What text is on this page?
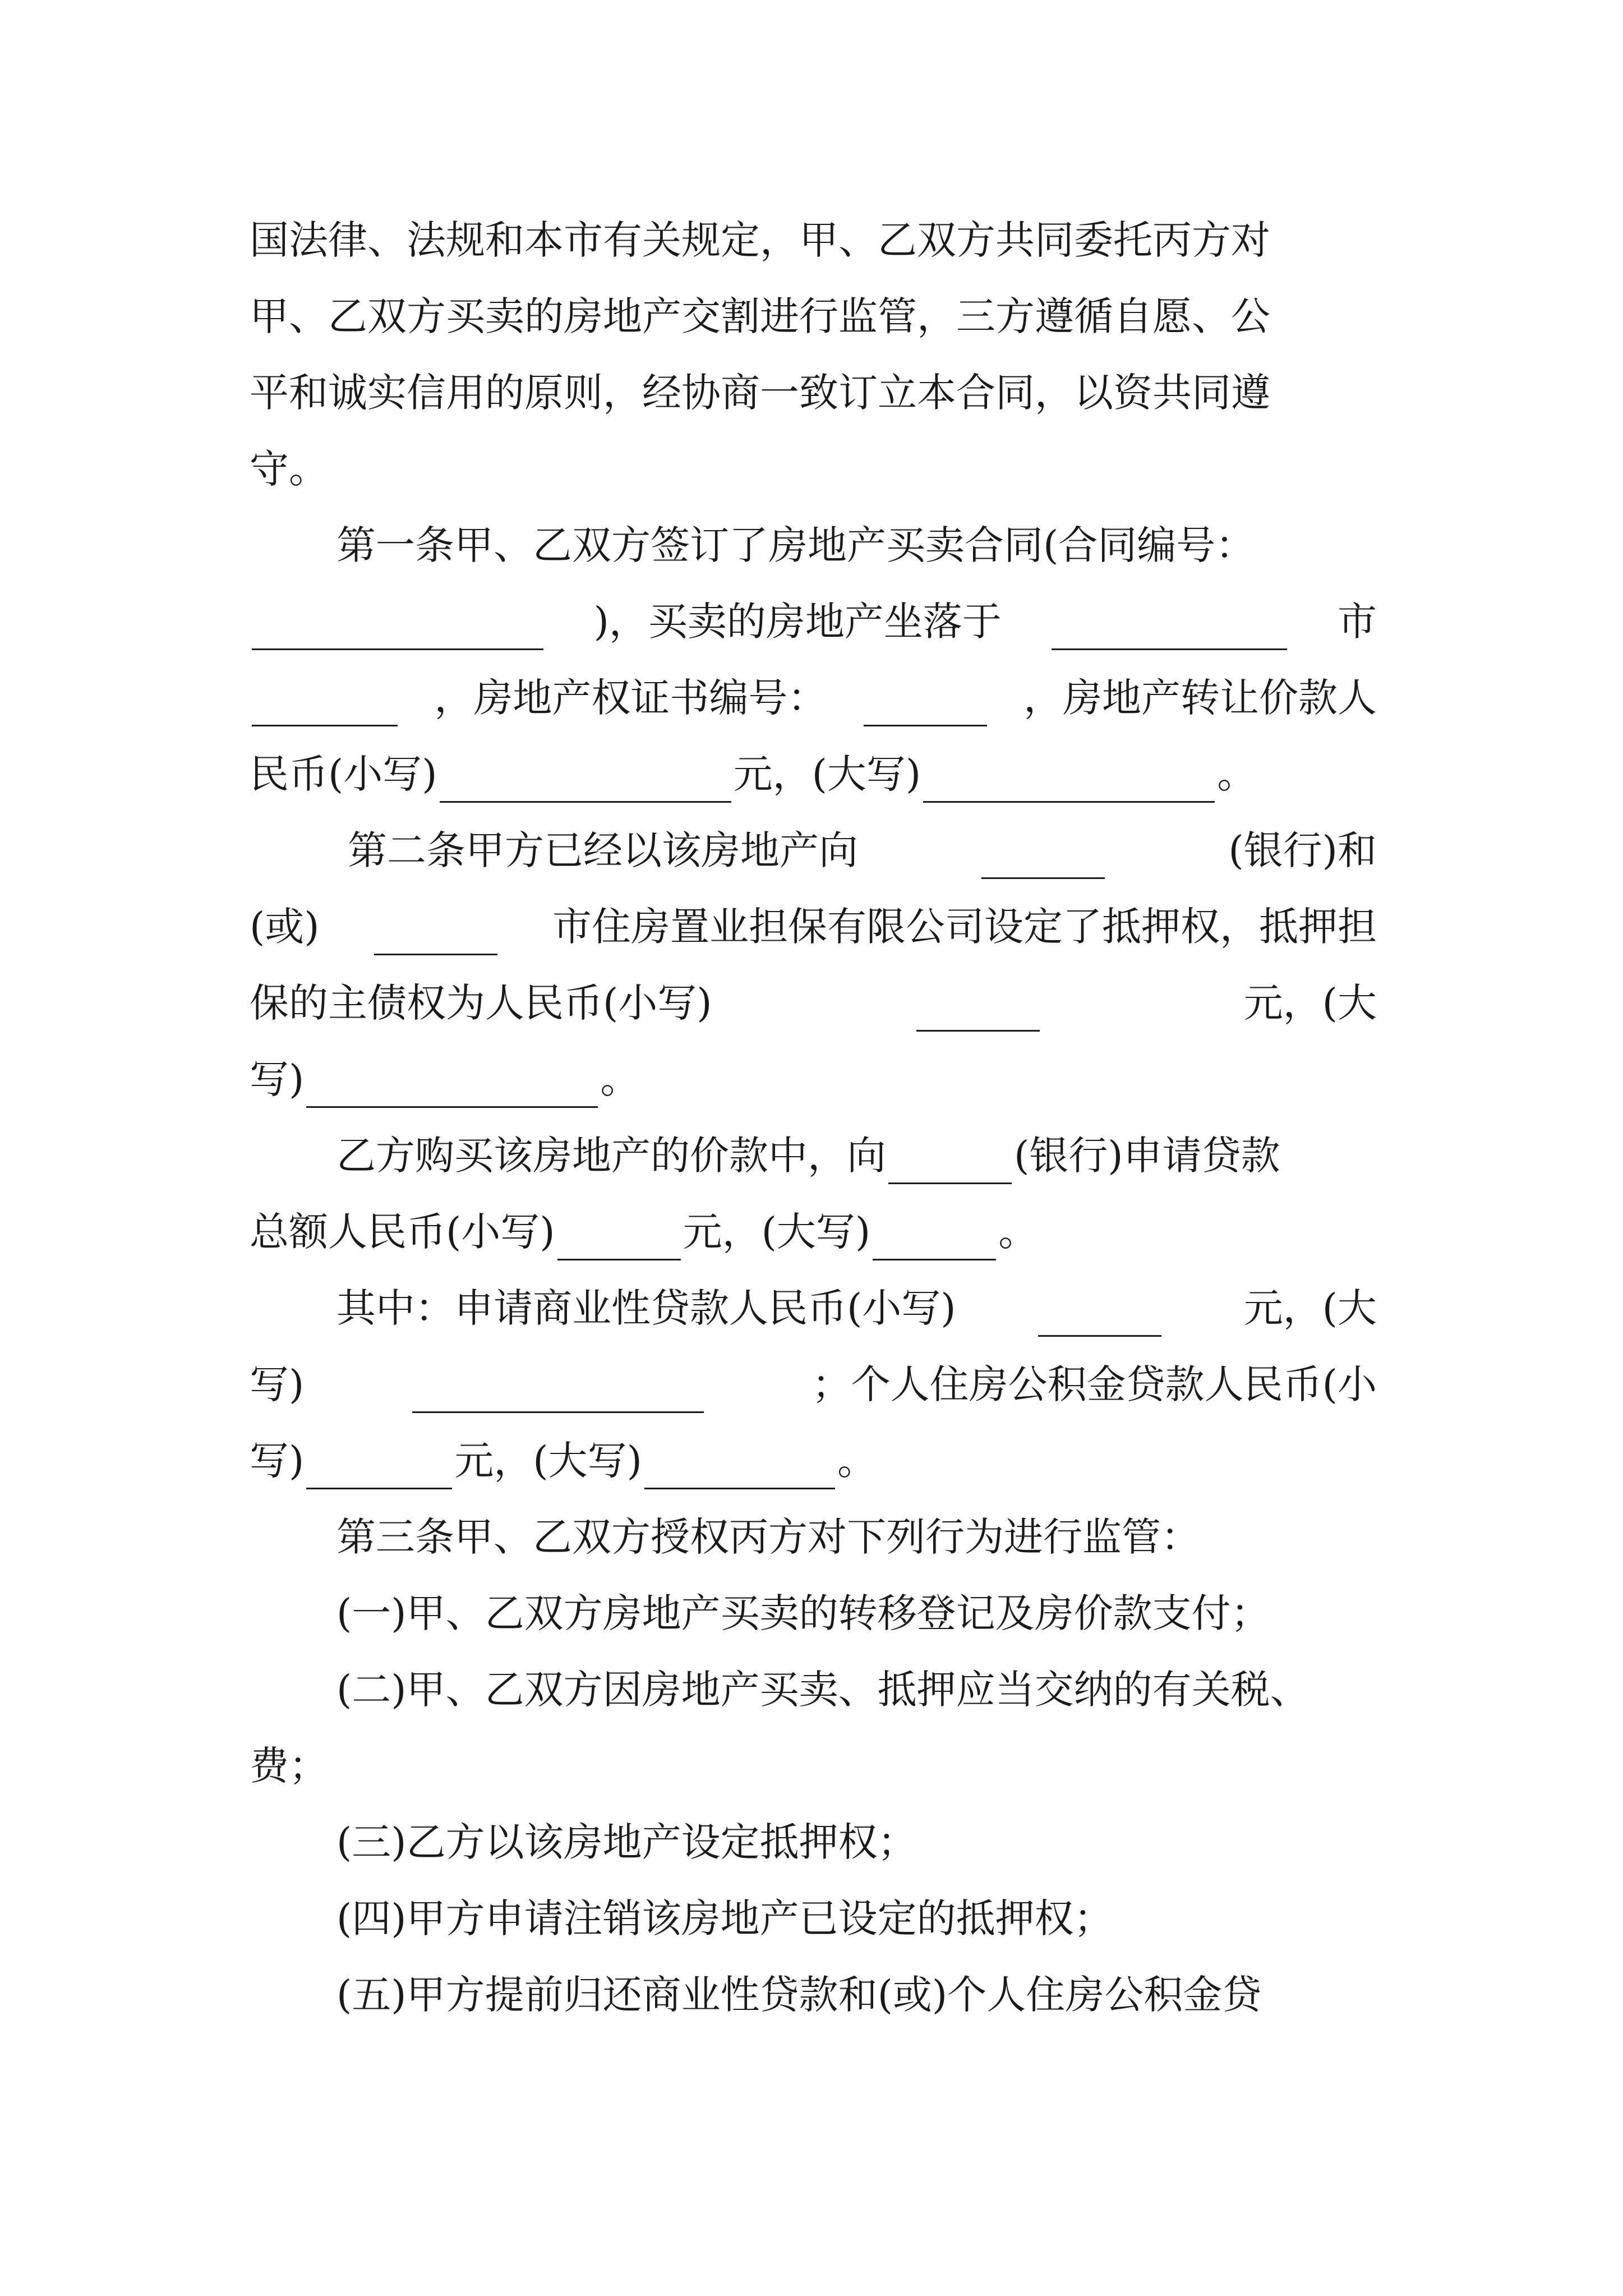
国法律、法规和本市有关规定，甲、乙双方共同委托丙方对
甲、乙双方买卖的房地产交割进行监管，三方遵循自愿、公
平和诚实信用的原则，经协商一致订立本合同，以资共同遵
守。
第一条甲、乙双方签订了房地产买卖合同(合同编号：
)，买卖的房地产坐落于	市
，房地产权证书编号：	，房地产转让价款人
民币(小写)	元，(大写)	。
第二条甲方已经以该房地产向	(银行)和
(或)	市住房置业担保有限公司设定了抵押权，抵押担
保的主债权为人民币(小写)	元，(大
写)	。
乙方购买该房地产的价款中，向	(银行)申请贷款
总额人民币(小写)	元，(大写)	。
其中：申请商业性贷款人民币(小写)	元，(大
写)	；个人住房公积金贷款人民币(小
写)	元，(大写)	。
第三条甲、乙双方授权丙方对下列行为进行监管：
(一)甲、乙双方房地产买卖的转移登记及房价款支付；
(二)甲、乙双方因房地产买卖、抵押应当交纳的有关税、
费；
(三)乙方以该房地产设定抵押权；
(四)甲方申请注销该房地产已设定的抵押权；
(五)甲方提前归还商业性贷款和(或)个人住房公积金贷
